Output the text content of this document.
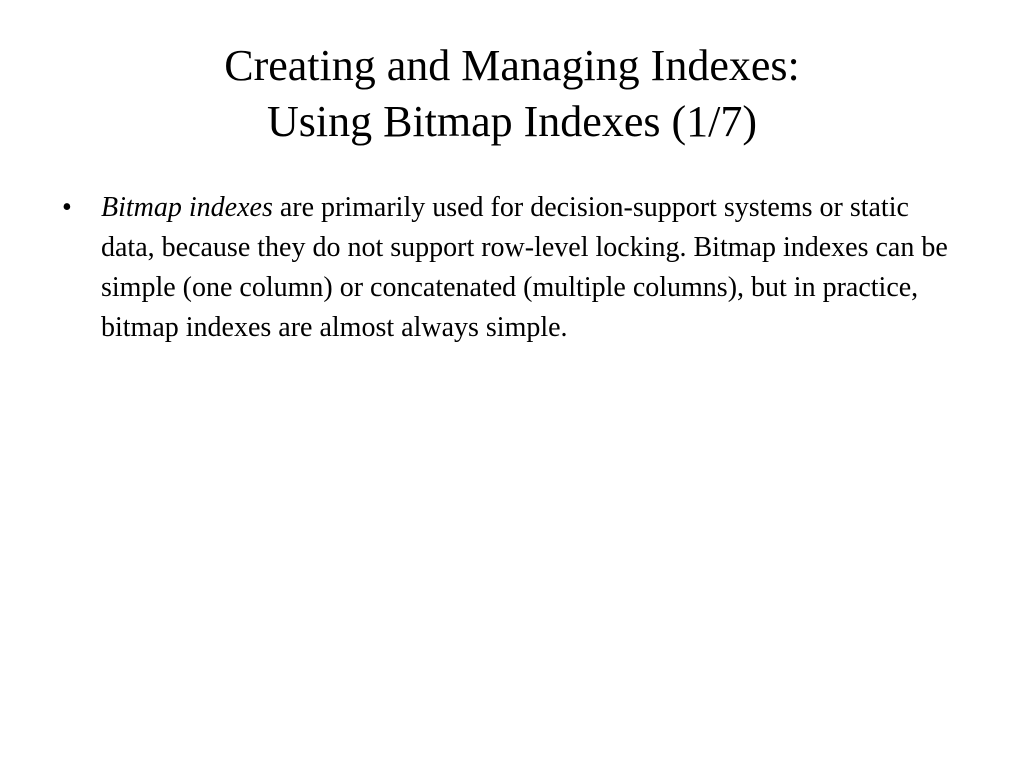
Creating and Managing Indexes:
Using Bitmap Indexes (1/7)
• Bitmap indexes are primarily used for decision-support systems or static data, because they do not support row-level locking. Bitmap indexes can be simple (one column) or concatenated (multiple columns), but in practice, bitmap indexes are almost always simple.
